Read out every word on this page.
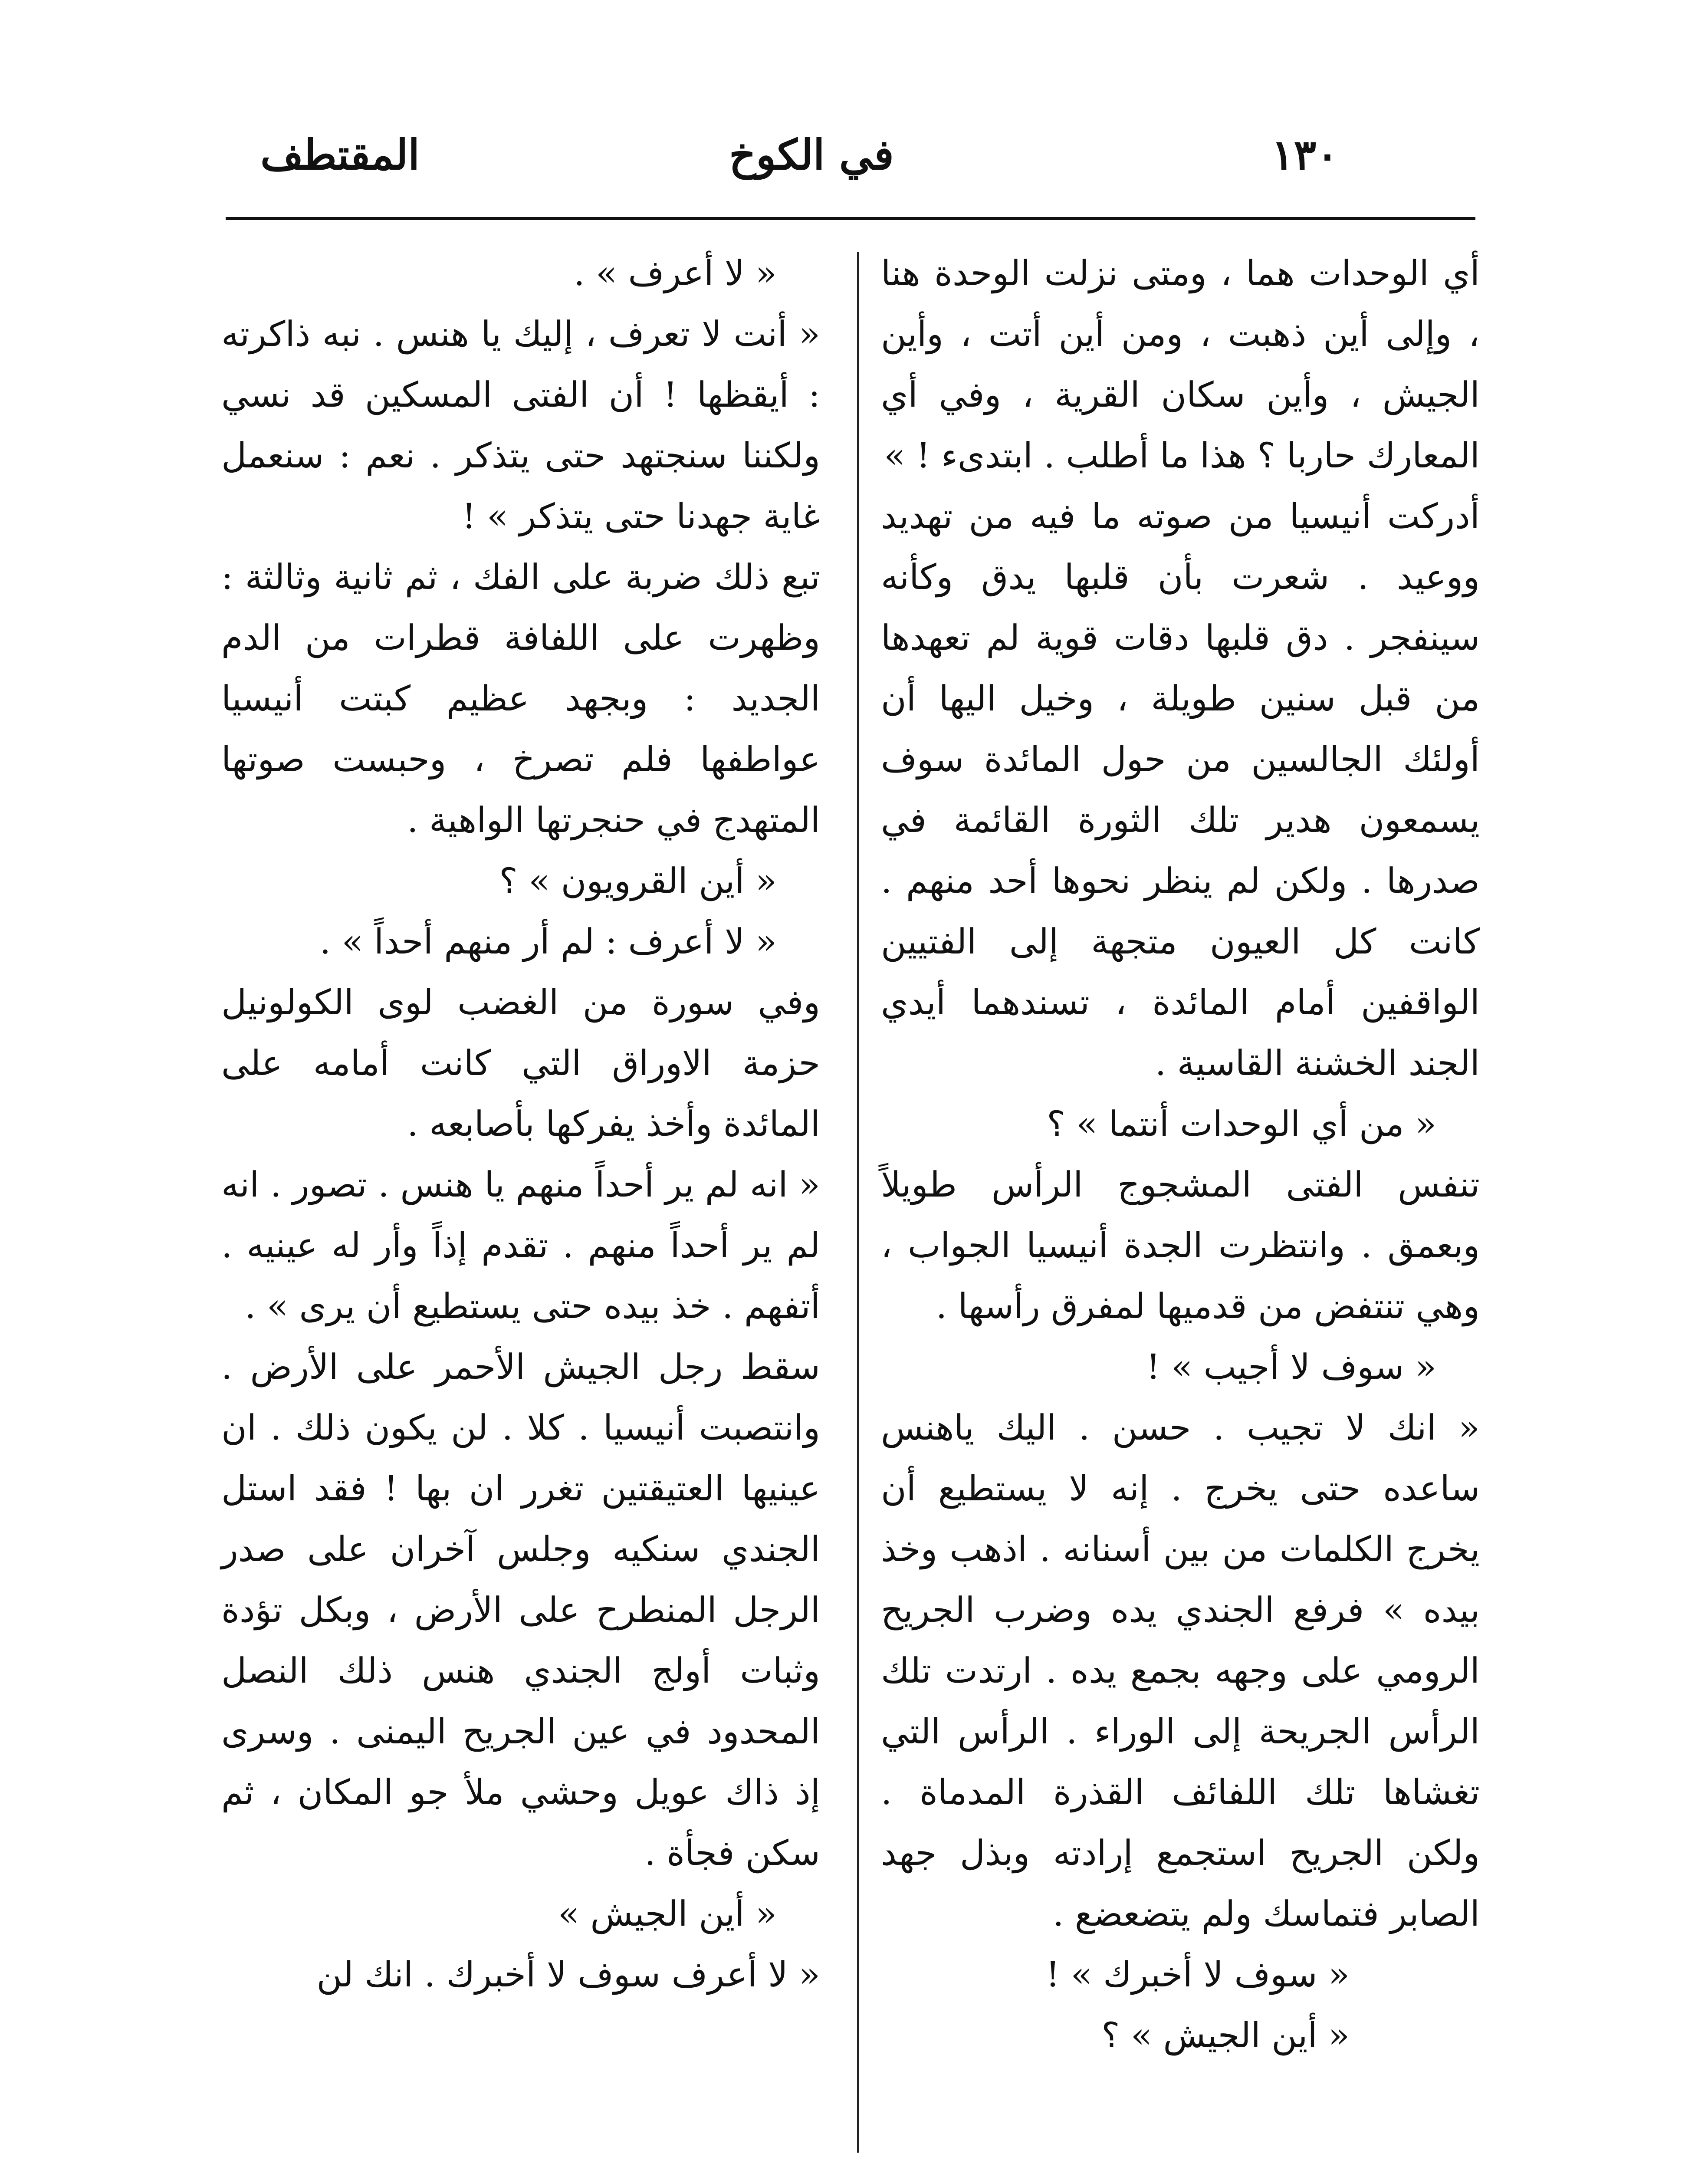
١٣٠
في الكوخ
المقتطف

أي الوحدات هما ، ومتى نزلت الوحدة هنا ، وإلى أين ذهبت ، ومن أين أتت ، وأين الجيش ، وأين سكان القرية ، وفي أي المعارك حاربا ؟ هذا ما أطلب . ابتدىء ! »

أدركت أنيسيا من صوته ما فيه من تهديد ووعيد . شعرت بأن قلبها يدق وكأنه سينفجر . دق قلبها دقات قوية لم تعهدها من قبل سنين طويلة ، وخيل اليها أن أولئك الجالسين من حول المائدة سوف يسمعون هدير تلك الثورة القائمة في صدرها . ولكن لم ينظر نحوها أحد منهم . كانت كل العيون متجهة إلى الفتيين الواقفين أمام المائدة ، تسندهما أيدي الجند الخشنة القاسية .

« من أي الوحدات أنتما » ؟

تنفس الفتى المشجوج الرأس طويلاً وبعمق . وانتظرت الجدة أنيسيا الجواب ، وهي تنتفض من قدميها لمفرق رأسها .

« سوف لا أجيب » !

« انك لا تجيب . حسن . اليك ياهنس ساعده حتى يخرج . إنه لا يستطيع أن يخرج الكلمات من بين أسنانه . اذهب وخذ بيده » فرفع الجندي يده وضرب الجريح الرومي على وجهه بجمع يده . ارتدت تلك الرأس الجريحة إلى الوراء . الرأس التي تغشاها تلك اللفائف القذرة المدماة . ولكن الجريح استجمع إرادته وبذل جهد الصابر فتماسك ولم يتضعضع .

« سوف لا أخبرك » !

« أين الجيش » ؟

« لا أعرف » .

« أنت لا تعرف ، إليك يا هنس . نبه ذاكرته : أيقظها ! أن الفتى المسكين قد نسي ولكننا سنجتهد حتى يتذكر . نعم : سنعمل غاية جهدنا حتى يتذكر » !

تبع ذلك ضربة على الفك ، ثم ثانية وثالثة : وظهرت على اللفافة قطرات من الدم الجديد : وبجهد عظيم كبتت أنيسيا عواطفها فلم تصرخ ، وحبست صوتها المتهدج في حنجرتها الواهية .

« أين القرويون » ؟

« لا أعرف : لم أر منهم أحداً » .

وفي سورة من الغضب لوى الكولونيل حزمة الاوراق التي كانت أمامه على المائدة وأخذ يفركها بأصابعه .

« انه لم ير أحداً منهم يا هنس . تصور . انه لم ير أحداً منهم . تقدم إذاً وأر له عينيه . أتفهم . خذ بيده حتى يستطيع أن يرى » .

سقط رجل الجيش الأحمر على الأرض . وانتصبت أنيسيا . كلا . لن يكون ذلك . ان عينيها العتيقتين تغرر ان بها ! فقد استل الجندي سنكيه وجلس آخران على صدر الرجل المنطرح على الأرض ، وبكل تؤدة وثبات أولج الجندي هنس ذلك النصل المحدود في عين الجريح اليمنى . وسرى إذ ذاك عويل وحشي ملأ جو المكان ، ثم سكن فجأة .

« أين الجيش »

« لا أعرف سوف لا أخبرك . انك لن
